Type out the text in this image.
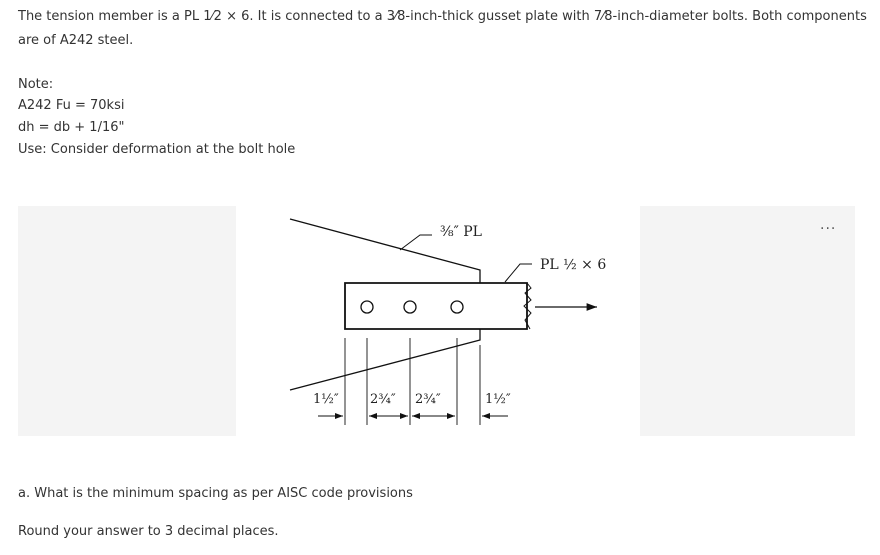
The tension member is a PL 1⁄2 × 6. It is connected to a 3⁄8-inch-thick gusset plate with 7⁄8-inch-diameter bolts. Both components are of A242 steel.
Note:
A242 Fu = 70ksi
dh = db + 1/16"
Use: Consider deformation at the bolt hole
···
⅜″ PL
PL ½ × 6
1½″ 2¾″ 2¾″	1½″
a. What is the minimum spacing as per AISC code provisions
Round your answer to 3 decimal places.
